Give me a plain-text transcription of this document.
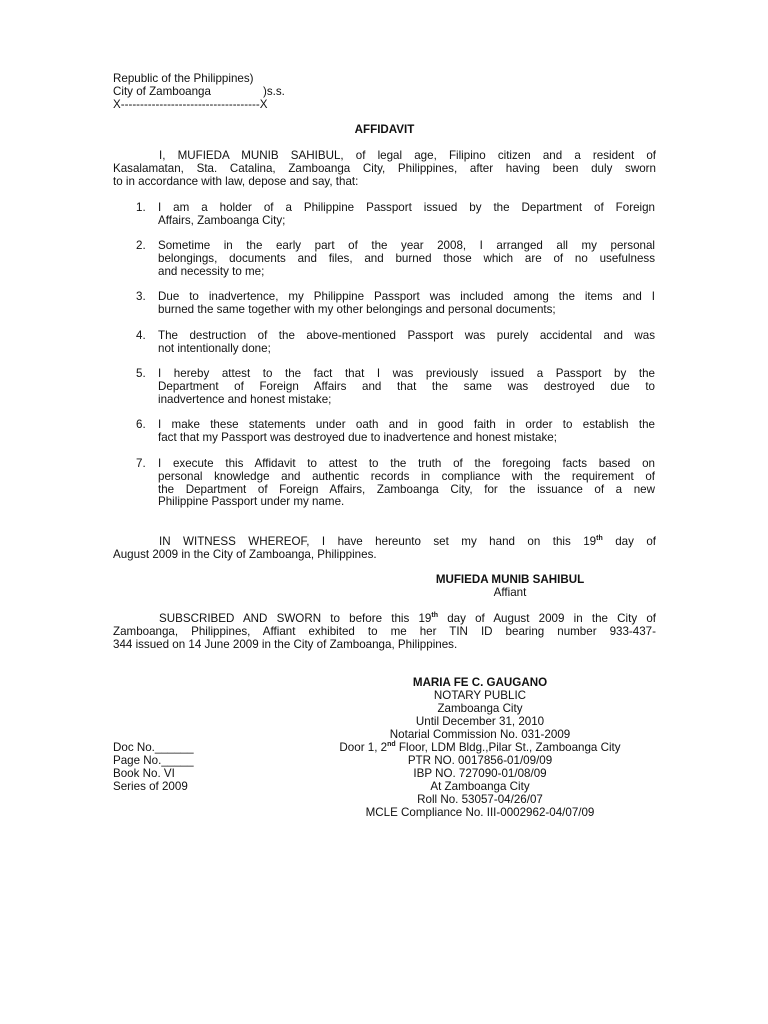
Republic of the Philippines)
City of Zamboanga	)s.s.
X------------------------------------X
AFFIDAVIT
I, MUFIEDA MUNIB SAHIBUL, of legal age, Filipino citizen and a resident of
Kasalamatan, Sta. Catalina, Zamboanga City, Philippines, after having been duly sworn
to in accordance with law, depose and say, that:
1. I am a holder of a Philippine Passport issued by the Department of Foreign
Affairs, Zamboanga City;
2. Sometime in the early part of the year 2008, I arranged all my personal
belongings, documents and files, and burned those which are of no usefulness
and necessity to me;
3. Due to inadvertence, my Philippine Passport was included among the items and I
burned the same together with my other belongings and personal documents;
4. The destruction of the above-mentioned Passport was purely accidental and was
not intentionally done;
5. I hereby attest to the fact that I was previously issued a Passport by the
Department of Foreign Affairs and that the same was destroyed due to
inadvertence and honest mistake;
6. I make these statements under oath and in good faith in order to establish the
fact that my Passport was destroyed due to inadvertence and honest mistake;
7. I execute this Affidavit to attest to the truth of the foregoing facts based on
personal knowledge and authentic records in compliance with the requirement of
the Department of Foreign Affairs, Zamboanga City, for the issuance of a new
Philippine Passport under my name.
IN WITNESS WHEREOF, I have hereunto set my hand on this 19th day of
August 2009 in the City of Zamboanga, Philippines.
MUFIEDA MUNIB SAHIBUL
Affiant
SUBSCRIBED AND SWORN to before this 19th day of August 2009 in the City of
Zamboanga, Philippines, Affiant exhibited to me her TIN ID bearing number 933-437-
344 issued on 14 June 2009 in the City of Zamboanga, Philippines.
MARIA FE C. GAUGANO
NOTARY PUBLIC
Zamboanga City
Until December 31, 2010
Notarial Commission No. 031-2009
Door 1, 2nd Floor, LDM Bldg.,Pilar St., Zamboanga City
PTR NO. 0017856-01/09/09
IBP NO. 727090-01/08/09
At Zamboanga City
Roll No. 53057-04/26/07
MCLE Compliance No. III-0002962-04/07/09
Doc No.______
Page No._____
Book No. VI
Series of 2009
